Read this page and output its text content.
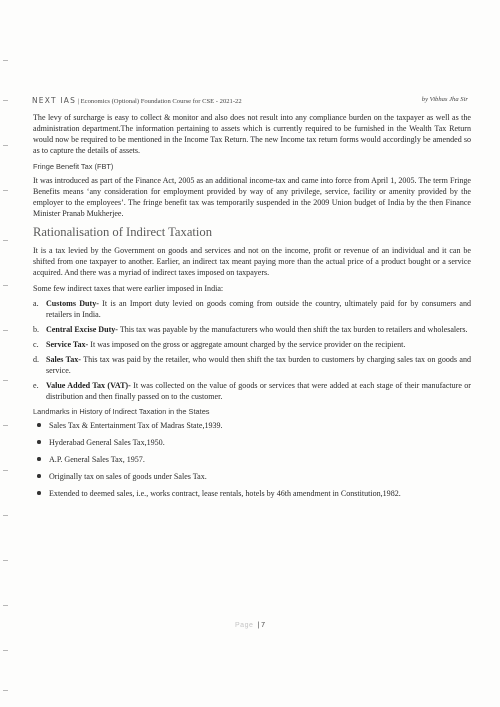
NEXT IAS | Economics (Optional) Foundation Course for CSE - 2021-22	by Vibhas Jha Sir

The levy of surcharge is easy to collect & monitor and also does not result into any compliance burden on the taxpayer as well as the administration department.The information pertaining to assets which is currently required to be furnished in the Wealth Tax Return would now be required to be mentioned in the Income Tax Return. The new Income tax return forms would accordingly be amended so as to capture the details of assets.

Fringe Benefit Tax (FBT)

It was introduced as part of the Finance Act, 2005 as an additional income-tax and came into force from April 1, 2005. The term Fringe Benefits means ‘any consideration for employment provided by way of any privilege, service, facility or amenity provided by the employer to the employees’. The fringe benefit tax was temporarily suspended in the 2009 Union budget of India by the then Finance Minister Pranab Mukherjee.

Rationalisation of Indirect Taxation

It is a tax levied by the Government on goods and services and not on the income, profit or revenue of an individual and it can be shifted from one taxpayer to another. Earlier, an indirect tax meant paying more than the actual price of a product bought or a service acquired. And there was a myriad of indirect taxes imposed on taxpayers.

Some few indirect taxes that were earlier imposed in India:

a. Customs Duty- It is an Import duty levied on goods coming from outside the country, ultimately paid for by consumers and retailers in India.
b. Central Excise Duty- This tax was payable by the manufacturers who would then shift the tax burden to retailers and wholesalers.
c. Service Tax- It was imposed on the gross or aggregate amount charged by the service provider on the recipient.
d. Sales Tax- This tax was paid by the retailer, who would then shift the tax burden to customers by charging sales tax on goods and service.
e. Value Added Tax (VAT)- It was collected on the value of goods or services that were added at each stage of their manufacture or distribution and then finally passed on to the customer.
Landmarks in History of Indirect Taxation in the States
Sales Tax & Entertainment Tax of Madras State,1939.
Hyderabad General Sales Tax,1950.
A.P. General Sales Tax, 1957.
Originally tax on sales of goods under Sales Tax.
Extended to deemed sales, i.e., works contract, lease rentals, hotels by 46th amendment in Constitution,1982.
Page | 7
